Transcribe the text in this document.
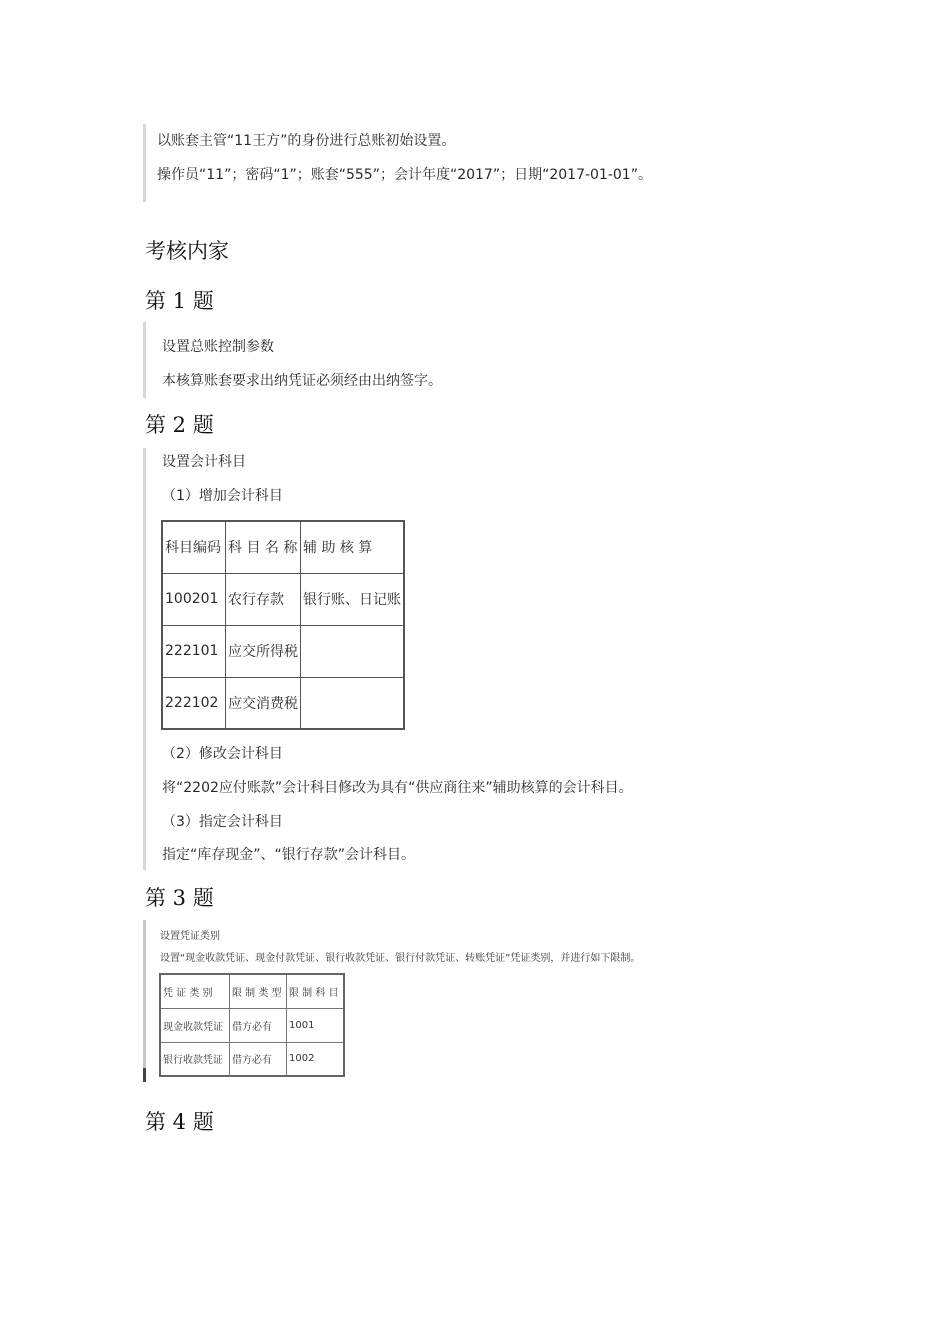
以账套主管“11王方”的身份进行总账初始设置。
操作员“11”；密码“1”；账套“555”；会计年度“2017”；日期“2017-01-01”。
考核内家
第 1 题
设置总账控制参数
本核算账套要求出纳凭证必须经由出纳签字。
第 2 题
设置会计科目
（1）增加会计科目
科目编码	科 目 名 称	辅 助 核 算
100201	农行存款	银行账、日记账
222101	应交所得税	
222102	应交消费税	
（2）修改会计科目
将“2202应付账款”会计科目修改为具有“供应商往来”辅助核算的会计科目。
（3）指定会计科目
指定“库存现金”、“银行存款”会计科目。
第 3 题
设置凭证类别
设置“现金收款凭证、现金付款凭证、银行收款凭证、银行付款凭证、转账凭证”凭证类别，并进行如下限制。
凭 证 类 别	限 制 类 型	限 制 科 目
现金收款凭证	借方必有	1001
银行收款凭证	借方必有	1002
第 4 题
